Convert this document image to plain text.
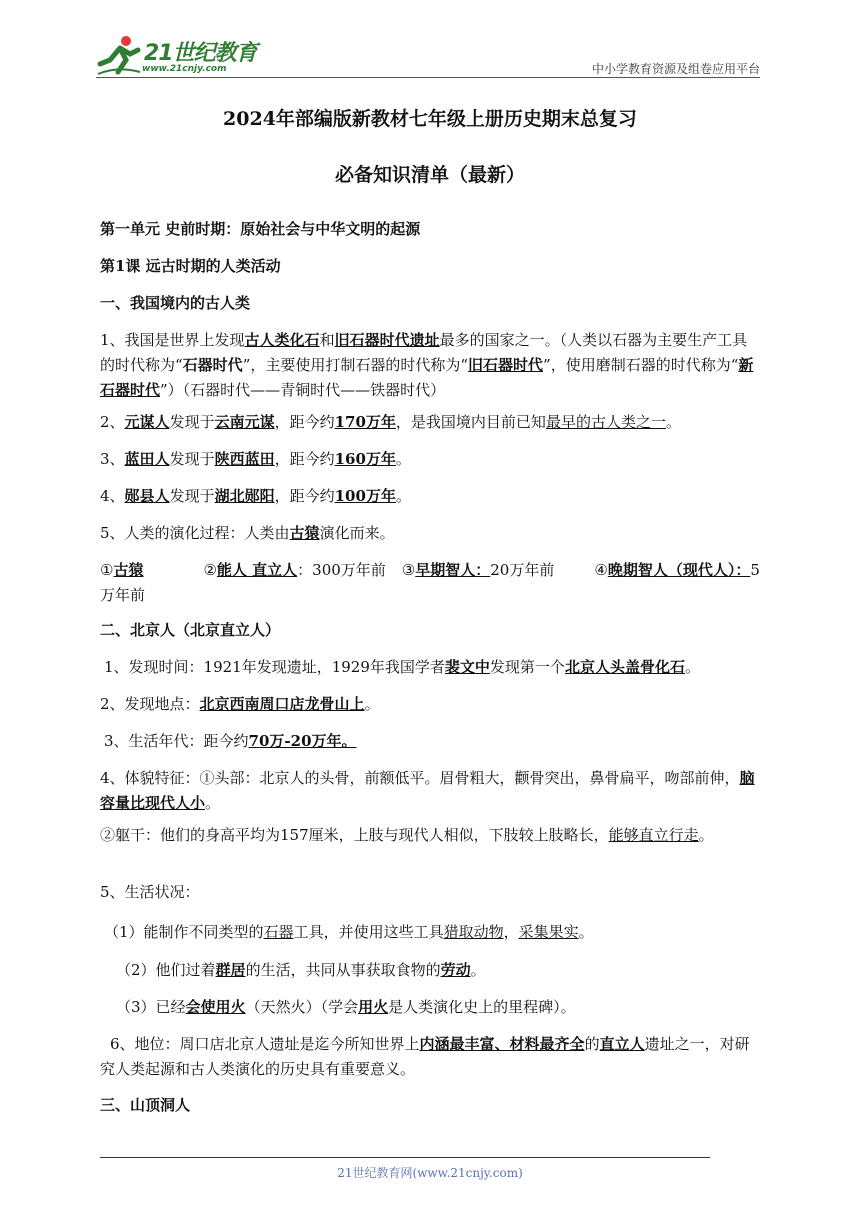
21世纪教育
www.21cnjy.com	中小学教育资源及组卷应用平台

2024年部编版新教材七年级上册历史期末总复习

必备知识清单（最新）

第一单元 史前时期：原始社会与中华文明的起源

第1课 远古时期的人类活动

一、我国境内的古人类

1、我国是世界上发现古人类化石和旧石器时代遗址最多的国家之一。（人类以石器为主要生产工具的时代称为“石器时代”，主要使用打制石器的时代称为“旧石器时代”，使用磨制石器的时代称为“新石器时代”）（石器时代——青铜时代——铁器时代）

2、元谋人发现于云南元谋，距今约170万年，是我国境内目前已知最早的古人类之一。

3、蓝田人发现于陕西蓝田，距今约160万年。

4、郧县人发现于湖北郧阳，距今约100万年。

5、人类的演化过程：人类由古猿演化而来。

①古猿	②能人 直立人：300万年前 ③早期智人：20万年前	④晚期智人（现代人）：5万年前

二、北京人（北京直立人）

1、发现时间：1921年发现遗址，1929年我国学者裴文中发现第一个北京人头盖骨化石。

2、发现地点：北京西南周口店龙骨山上。

3、生活年代：距今约70万-20万年。

4、体貌特征：①头部：北京人的头骨，前额低平。眉骨粗大，颧骨突出，鼻骨扁平，吻部前伸，脑容量比现代人小。

②躯干：他们的身高平均为157厘米，上肢与现代人相似，下肢较上肢略长，能够直立行走。

5、生活状况：

（1）能制作不同类型的石器工具，并使用这些工具猎取动物，采集果实。

（2）他们过着群居的生活，共同从事获取食物的劳动。

（3）已经会使用火（天然火）（学会用火是人类演化史上的里程碑）。

6、地位：周口店北京人遗址是迄今所知世界上内涵最丰富、材料最齐全的直立人遗址之一，对研究人类起源和古人类演化的历史具有重要意义。

三、山顶洞人

21世纪教育网(www.21cnjy.com)
